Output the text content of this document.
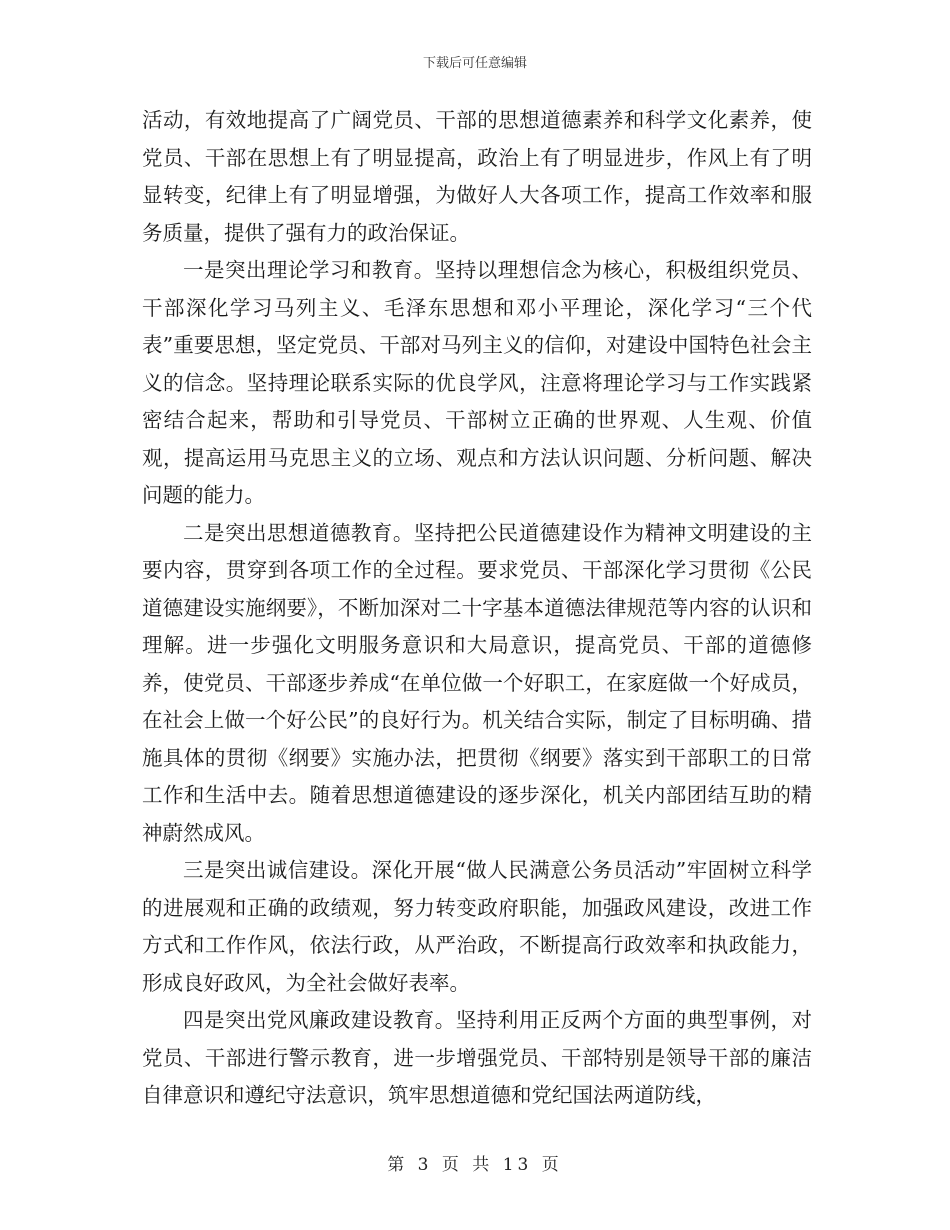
下载后可任意编辑

活动，有效地提高了广阔党员、干部的思想道德素养和科学文化素养，使党员、干部在思想上有了明显提高，政治上有了明显进步，作风上有了明显转变，纪律上有了明显增强，为做好人大各项工作，提高工作效率和服务质量，提供了强有力的政治保证。

一是突出理论学习和教育。坚持以理想信念为核心，积极组织党员、干部深化学习马列主义、毛泽东思想和邓小平理论，深化学习“三个代表”重要思想，坚定党员、干部对马列主义的信仰，对建设中国特色社会主义的信念。坚持理论联系实际的优良学风，注意将理论学习与工作实践紧密结合起来，帮助和引导党员、干部树立正确的世界观、人生观、价值观，提高运用马克思主义的立场、观点和方法认识问题、分析问题、解决问题的能力。

二是突出思想道德教育。坚持把公民道德建设作为精神文明建设的主要内容，贯穿到各项工作的全过程。要求党员、干部深化学习贯彻《公民道德建设实施纲要》，不断加深对二十字基本道德法律规范等内容的认识和理解。进一步强化文明服务意识和大局意识，提高党员、干部的道德修养，使党员、干部逐步养成“在单位做一个好职工，在家庭做一个好成员，在社会上做一个好公民”的良好行为。机关结合实际，制定了目标明确、措施具体的贯彻《纲要》实施办法，把贯彻《纲要》落实到干部职工的日常工作和生活中去。随着思想道德建设的逐步深化，机关内部团结互助的精神蔚然成风。

三是突出诚信建设。深化开展“做人民满意公务员活动”牢固树立科学的进展观和正确的政绩观，努力转变政府职能，加强政风建设，改进工作方式和工作作风，依法行政，从严治政，不断提高行政效率和执政能力，形成良好政风，为全社会做好表率。

四是突出党风廉政建设教育。坚持利用正反两个方面的典型事例，对党员、干部进行警示教育，进一步增强党员、干部特别是领导干部的廉洁自律意识和遵纪守法意识，筑牢思想道德和党纪国法两道防线，

第 3 页 共 13 页
